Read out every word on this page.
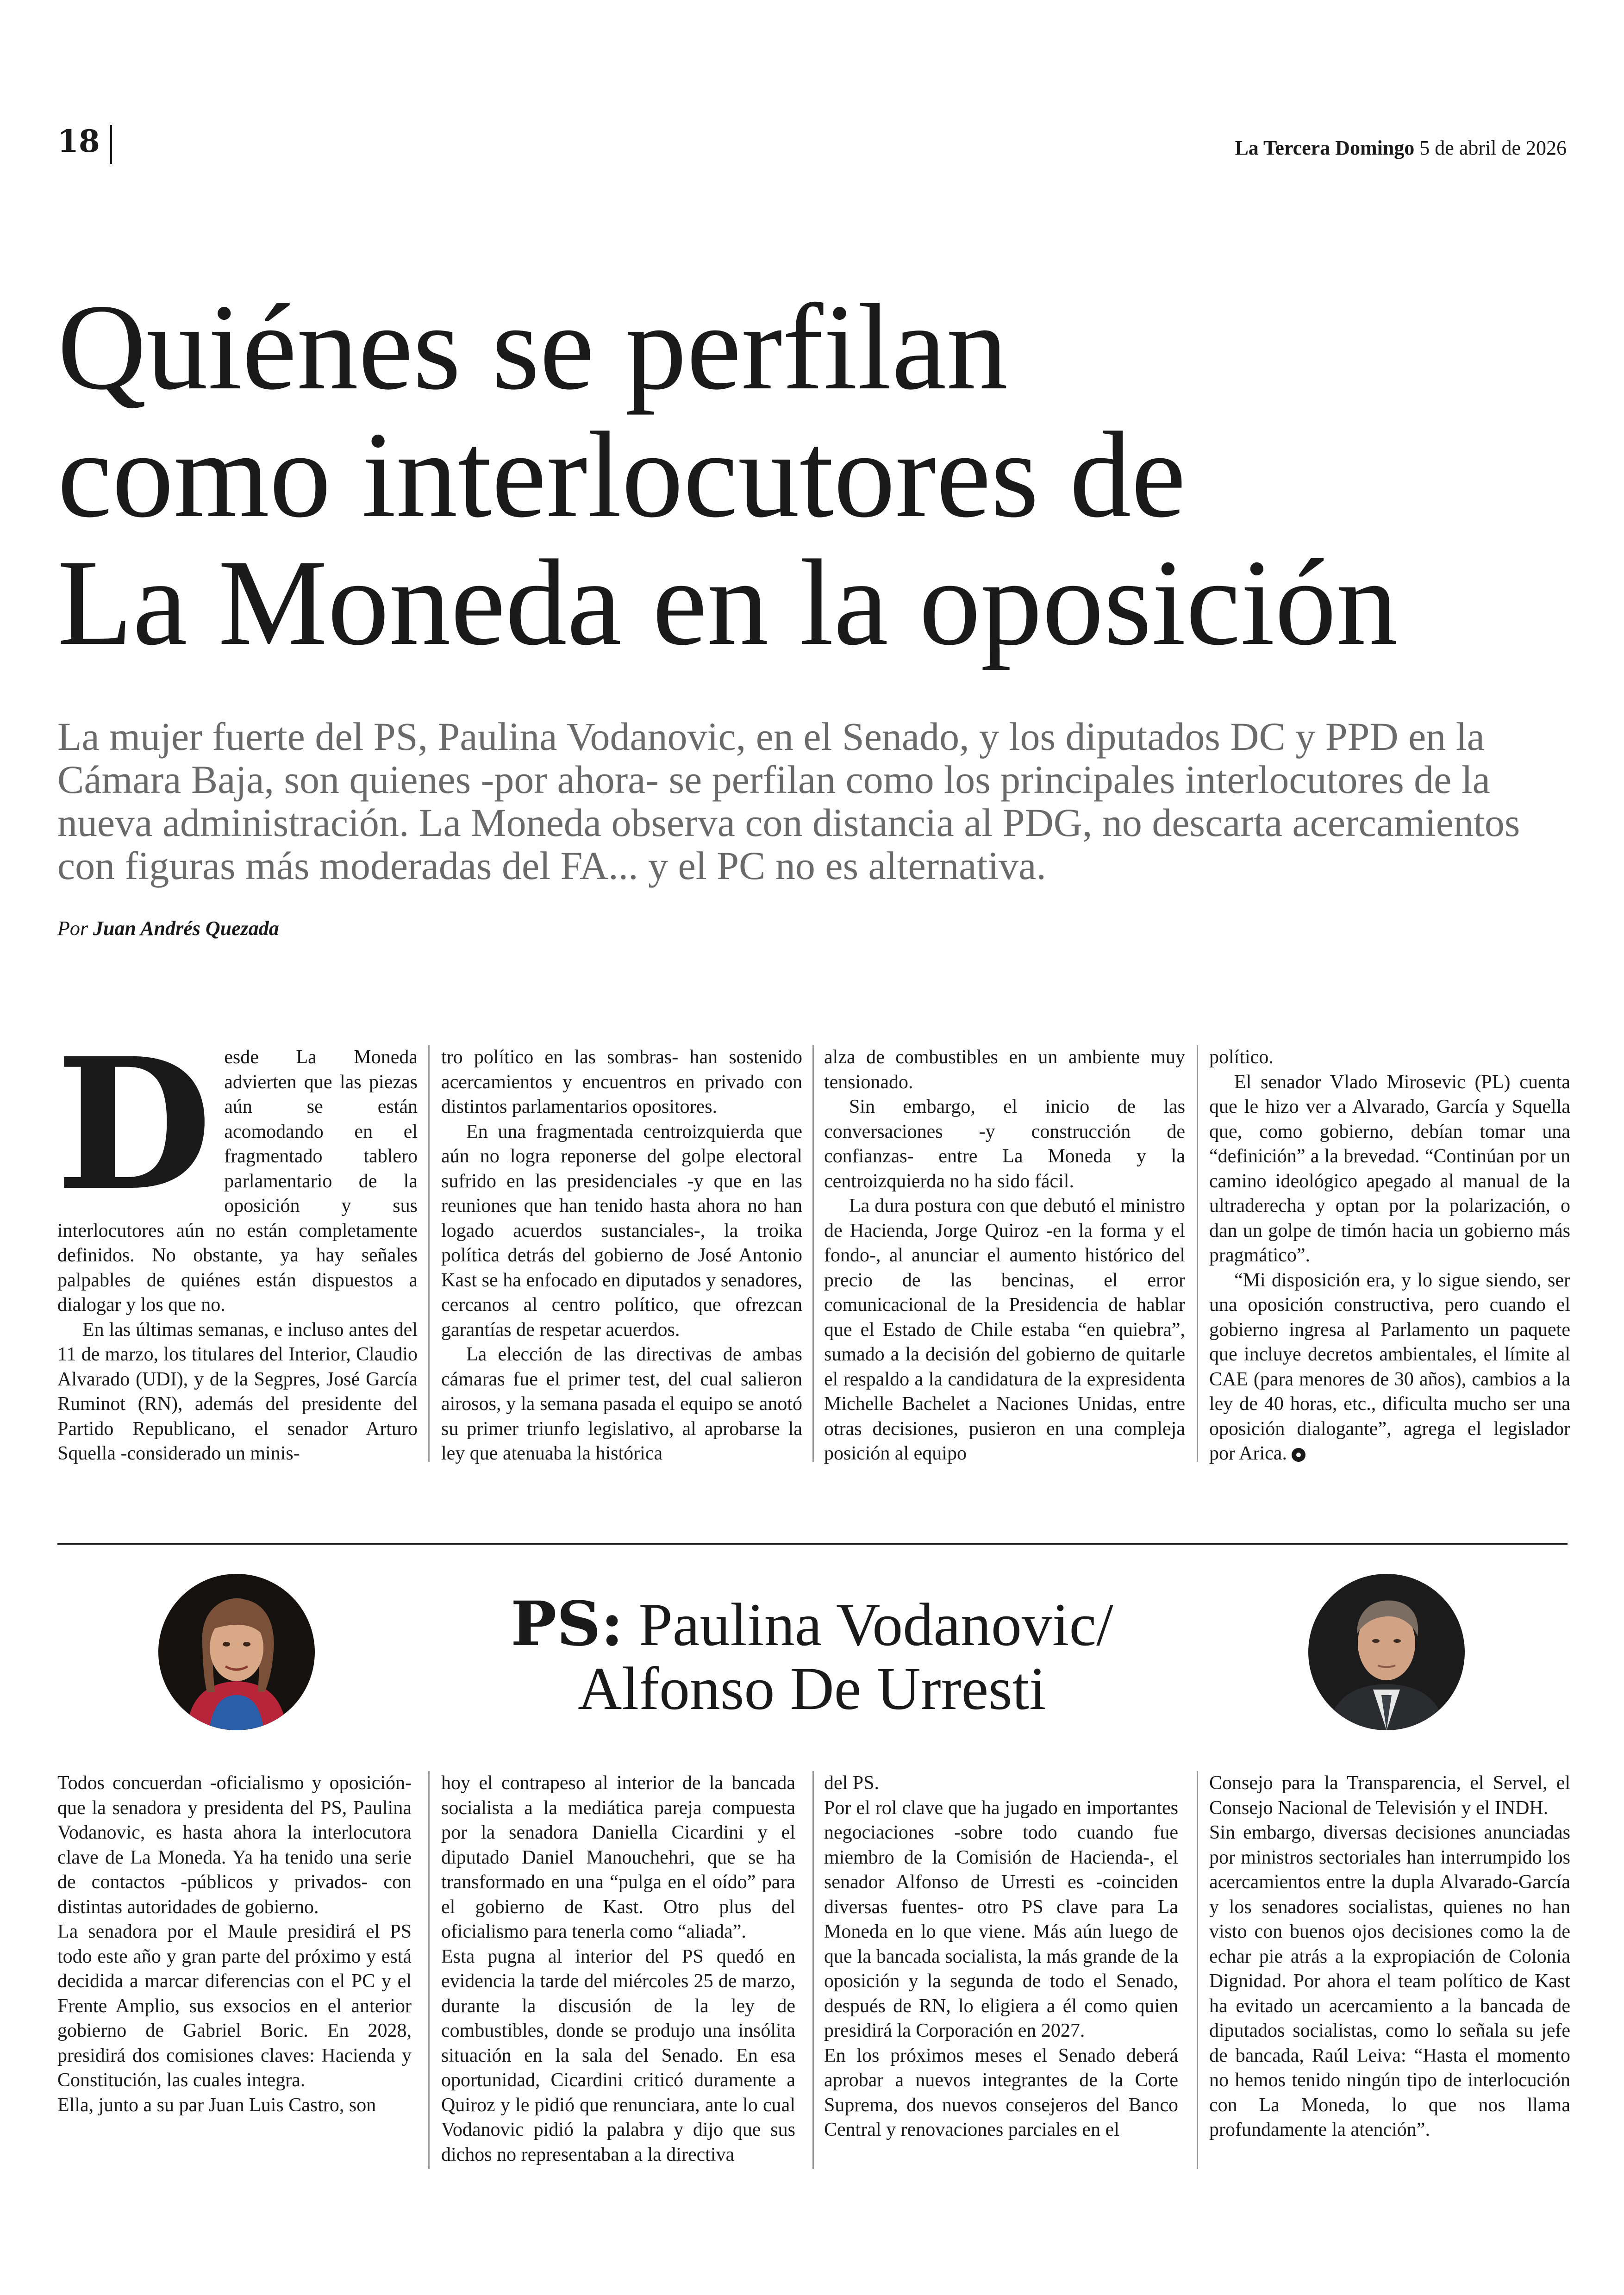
18	La Tercera Domingo 5 de abril de 2026
Quiénes se perfilan
como interlocutores de
La Moneda en la oposición
La mujer fuerte del PS, Paulina Vodanovic, en el Senado, y los diputados DC y PPD en la Cámara Baja, son quienes -por ahora- se perfilan como los principales interlocutores de la nueva administración. La Moneda observa con distancia al PDG, no descarta acercamientos con figuras más moderadas del FA... y el PC no es alternativa.
Por Juan Andrés Quezada

Desde La Moneda advierten que las piezas aún se están acomodando en el fragmentado tablero parlamentario de la oposición y sus interlocutores aún no están completamente definidos. No obstante, ya hay señales palpables de quiénes están dispuestos a dialogar y los que no.

En las últimas semanas, e incluso antes del 11 de marzo, los titulares del Interior, Claudio Alvarado (UDI), y de la Segpres, José García Ruminot (RN), además del presidente del Partido Republicano, el senador Arturo Squella -considerado un minis-

tro político en las sombras- han sostenido acercamientos y encuentros en privado con distintos parlamentarios opositores.

En una fragmentada centroizquierda que aún no logra reponerse del golpe electoral sufrido en las presidenciales -y que en las reuniones que han tenido hasta ahora no han logado acuerdos sustanciales-, la troika política detrás del gobierno de José Antonio Kast se ha enfocado en diputados y senadores, cercanos al centro político, que ofrezcan garantías de respetar acuerdos.

La elección de las directivas de ambas cámaras fue el primer test, del cual salieron airosos, y la semana pasada el equipo se anotó su primer triunfo legislativo, al aprobarse la ley que atenuaba la histórica

alza de combustibles en un ambiente muy tensionado.

Sin embargo, el inicio de las conversaciones -y construcción de confianzas- entre La Moneda y la centroizquierda no ha sido fácil.

La dura postura con que debutó el ministro de Hacienda, Jorge Quiroz -en la forma y el fondo-, al anunciar el aumento histórico del precio de las bencinas, el error comunicacional de la Presidencia de hablar que el Estado de Chile estaba “en quiebra”, sumado a la decisión del gobierno de quitarle el respaldo a la candidatura de la expresidenta Michelle Bachelet a Naciones Unidas, entre otras decisiones, pusieron en una compleja posición al equipo

político.

El senador Vlado Mirosevic (PL) cuenta que le hizo ver a Alvarado, García y Squella que, como gobierno, debían tomar una “definición” a la brevedad. “Continúan por un camino ideológico apegado al manual de la ultraderecha y optan por la polarización, o dan un golpe de timón hacia un gobierno más pragmático”.

“Mi disposición era, y lo sigue siendo, ser una oposición constructiva, pero cuando el gobierno ingresa al Parlamento un paquete que incluye decretos ambientales, el límite al CAE (para menores de 30 años), cambios a la ley de 40 horas, etc., dificulta mucho ser una oposición dialogante”, agrega el legislador por Arica.

PS: Paulina Vodanovic/
Alfonso De Urresti

Todos concuerdan -oficialismo y oposición- que la senadora y presidenta del PS, Paulina Vodanovic, es hasta ahora la interlocutora clave de La Moneda. Ya ha tenido una serie de contactos -públicos y privados- con distintas autoridades de gobierno.

La senadora por el Maule presidirá el PS todo este año y gran parte del próximo y está decidida a marcar diferencias con el PC y el Frente Amplio, sus exsocios en el anterior gobierno de Gabriel Boric. En 2028, presidirá dos comisiones claves: Hacienda y Constitución, las cuales integra.

Ella, junto a su par Juan Luis Castro, son

hoy el contrapeso al interior de la bancada socialista a la mediática pareja compuesta por la senadora Daniella Cicardini y el diputado Daniel Manouchehri, que se ha transformado en una “pulga en el oído” para el gobierno de Kast. Otro plus del oficialismo para tenerla como “aliada”.

Esta pugna al interior del PS quedó en evidencia la tarde del miércoles 25 de marzo, durante la discusión de la ley de combustibles, donde se produjo una insólita situación en la sala del Senado. En esa oportunidad, Cicardini criticó duramente a Quiroz y le pidió que renunciara, ante lo cual Vodanovic pidió la palabra y dijo que sus dichos no representaban a la directiva

del PS.

Por el rol clave que ha jugado en importantes negociaciones -sobre todo cuando fue miembro de la Comisión de Hacienda-, el senador Alfonso de Urresti es -coinciden diversas fuentes- otro PS clave para La Moneda en lo que viene. Más aún luego de que la bancada socialista, la más grande de la oposición y la segunda de todo el Senado, después de RN, lo eligiera a él como quien presidirá la Corporación en 2027.

En los próximos meses el Senado deberá aprobar a nuevos integrantes de la Corte Suprema, dos nuevos consejeros del Banco Central y renovaciones parciales en el

Consejo para la Transparencia, el Servel, el Consejo Nacional de Televisión y el INDH.

Sin embargo, diversas decisiones anunciadas por ministros sectoriales han interrumpido los acercamientos entre la dupla Alvarado-García y los senadores socialistas, quienes no han visto con buenos ojos decisiones como la de echar pie atrás a la expropiación de Colonia Dignidad. Por ahora el team político de Kast ha evitado un acercamiento a la bancada de diputados socialistas, como lo señala su jefe de bancada, Raúl Leiva: “Hasta el momento no hemos tenido ningún tipo de interlocución con La Moneda, lo que nos llama profundamente la atención”.
